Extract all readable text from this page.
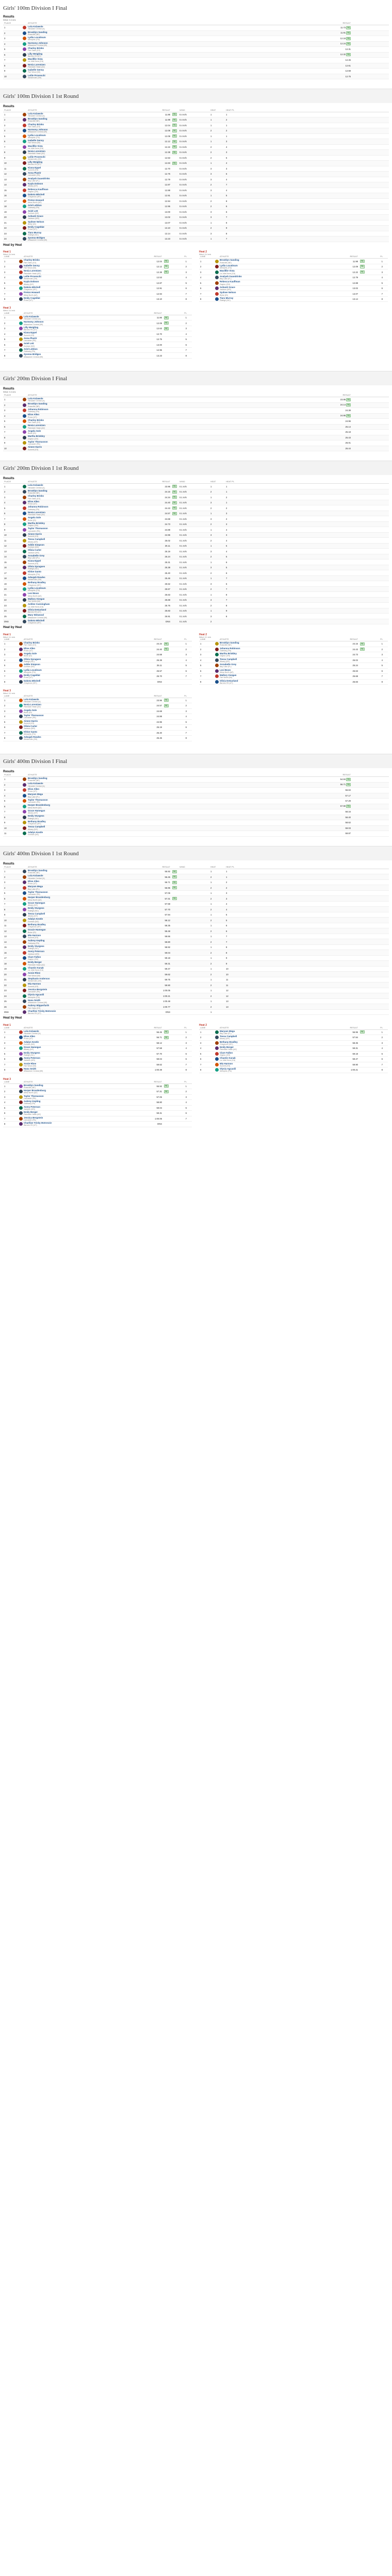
Girls' 100m Division I Final
Results
Wind: 0.4 m/s
PLACE	ATHLETE	RESULT
1	Lola Kolawole
Hinsdale Central (IL)
11.73 PB
2	Brooklyn Sanding
Rossville (NE)
11.91 PB
3	Lydia Locatinum
Memphis (TN)
12.18 PB
4	Harmony Johnson
Milwaukee Central (WI)
12.24 PB
5	Charley Brinks
Fair Oaks (CO)	12.31
6	Lilly Weigling
Barnes HS (UT)
12.32 PB
7	Mavilllie Vista
La Jolla Nova (CA)	12.45
8	Nevia Lorentzen
Palmdale Hawk (AZ)	12.61
9	Isabelle Genny
Fair Wood (MI)	12.68
10	Leilie Provenchi
Westerville (OH)	12.75
Girls' 100m Division I 1st Round
Results
PLACE	ATHLETE	RESULT	WIND	HEAT	HEAT PL
1	Lola Kolawole
Hinsdale Central (IL)	11.86	PB	0.4 m/s	1	1
2	Brooklyn Sanding
Rossville (NE)	11.98	PB	0.4 m/s	1	2
3	Charley Brinks
Fair Oaks (CO)	12.04	PB	0.4 m/s	1	1
4	Harmony Johnson
Milwaukee Central (WI)	12.08	PB	0.4 m/s	2	2
5	Lydia Locatinum
Memphis (TN)	12.09	PB	0.4 m/s	1	1
6	Isabelle Genny
Fair Wood (MI)	12.12	PB	0.4 m/s	1	3
7	Mavilllie Vista
La Jolla Nova (CA)	12.22	PB	0.4 m/s	2	4
8	Nevia Lorentzen
Palmdale Hawk (AZ)	12.38	PB	0.4 m/s	2	3
9	Leilie Provenchi
Westerville (OH)	12.53	0.4 m/s	2	5
10	Lilly Weigling
Barnes HS (UT)	12.63	PB	0.4 m/s	1	4
11	Kiana Eppel
Summit (KS)	12.70	0.4 m/s	3	3
12	Anna Plastir
Lancaster (PA)	12.75	0.4 m/s	3	6
13	Analyah Guandrinks
Bay Lake (FL)	12.79	0.4 m/s	3	4
14	Kayla Dobson
Albany (NY)	12.87	0.4 m/s	2	7
15	Rebecca Kauffman
Dayton (OH)	12.88	0.4 m/s	3	4
16	Dakota Mitchell
Cheyenne (WY)	12.91	0.4 m/s	1	5
17	Preton Howard
Mesa North (AZ)	12.94	0.4 m/s	2	8
18	Ariel Lebhon
Gateway (PA)	12.95	0.4 m/s	2	6
19	Aviel Lett
Durham (NC)	13.00	0.4 m/s	3	6
20	Ashanti Grace
Jackson (MS)	13.02	0.4 m/s	3	7
21	Sydnee Nelson
Boise (ID)	13.07	0.4 m/s	1	6
22	Emily Cogeldat
Provo (UT)	13.10	0.4 m/s	2	9
23	Tiara Murray
Raleigh (NC)	13.14	0.4 m/s	3	8
24	Zyonna Bridges
Milwaukee Central (WI)	13.23	0.4 m/s	1	7
Heat by Heat
Heat 1
Wind: 0.4 m/s
LANE	ATHLETE	RESULT	PL
1	Charley Brinks
Fair Oaks (CO)	12.04	PB	1
2	Isabelle Genny
Fair Wood (MI)	12.12	PB	2
3	Nevia Lorentzen
Palmdale Hawk (AZ)	12.38	PB	3
4	Leilie Provenchi
Westerville (OH)	12.53	4
5	Kayla Dobson
Albany (NY)	12.87	5
6	Dakota Mitchell
Cheyenne (WY)	12.91	6
7	Preton Howard
Mesa North (AZ)	12.94	7
8	Emily Cogeldat
Provo (UT)	13.10	8
Heat 2
Wind: 0.4 m/s
LANE	ATHLETE	RESULT	PL
1	Brooklyn Sanding
Rossville (NE)	11.98	PB	1
2	Lydia Locatinum
Memphis (TN)	12.09	PB	2
3	Mavilllie Vista
La Jolla Nova (CA)	12.22	PB	3
4	Analyah Guandrinks
Bay Lake (FL)	12.79	4
5	Rebecca Kauffman
Dayton (OH)	12.88	5
6	Ashanti Grace
Jackson (MS)	13.02	6
7	Sydnee Nelson
Boise (ID)	13.07	7
8	Tiara Murray
Raleigh (NC)	13.14	8
Heat 3
Wind: 0.4 m/s
LANE	ATHLETE	RESULT	PL
1	Lola Kolawole
Hinsdale Central (IL)	11.86	PB	1
2	Harmony Johnson
Milwaukee Central (WI)	12.08	PB	2
3	Lilly Weigling
Barnes HS (UT)	12.63	PB	3
4	Kiana Eppel
Summit (KS)	12.70	4
5	Anna Plastir
Lancaster (PA)	12.75	5
6	Aviel Lett
Durham (NC)	13.00	6
7	Ariel Lebhon
Gateway (PA)	12.95	7
8	Zyonna Bridges
Milwaukee Central (WI)	13.23	8
Girls' 200m Division I Final
Results
Wind: 0.4 m/s
PLACE	ATHLETE	RESULT
1	Lola Kolawole
Hinsdale Central (IL)
23.86 PB
2	Brooklyn Sanding
Rossville (NE)
24.14 PB
3	Johanna Robinson
Gateway (PA)	24.38
4	Elise Allen
Provo (UT)
24.86 PB
5	Charley Brinks
Fair Oaks (CO)	24.96
6	Nevia Lorentzen
Palmdale Hawk (AZ)	25.14
7	Angela Sole
Boise (ID)	25.18
8	Martha Brinkley
Dayton (OH)	25.43
9	Taylor Thomasson
Lancaster (PA)	26.01
10	Aimee Harris
Summit (KS)	26.44
Girls' 200m Division I 1st Round
Results
PLACE	ATHLETE	RESULT	WIND	HEAT	HEAT PL
1	Lola Kolawole
Hinsdale Central (IL)	23.96	PB	0.1 m/s	1	1
2	Brooklyn Sanding
Rossville (NE)	24.15	PB	0.1 m/s	2	1
3	Charley Brinks
Fair Oaks (CO)	24.34	PB	0.1 m/s	1	2
4	Elise Allen
Provo (UT)	24.40	PB	0.1 m/s	3	1
5	Johanna Robinson
Gateway (PA)	24.43	PB	0.1 m/s	2	2
6	Nevia Lorentzen
Palmdale Hawk (AZ)	24.57	PB	0.1 m/s	1	3
7	Angela Sole
Boise (ID)	24.68	0.1 m/s	3	2
8	Martha Brinkley
Dayton (OH)	24.73	0.1 m/s	2	3
9	Taylor Thomasson
Lancaster (PA)	24.88	0.1 m/s	1	4
10	Aimee Harris
Summit (KS)	24.96	0.1 m/s	3	3
11	Tessa Campbell
Albany (NY)	25.02	0.1 m/s	2	4
12	Addie Simpson
Durham (NC)	25.11	0.1 m/s	1	5
13	Olivia Carter
Jackson (MS)	25.19	0.1 m/s	3	4
14	Annabelle Grey
Bay Lake (FL)	25.24	0.1 m/s	2	5
15	Kiana Eppel
Summit (KS)	25.31	0.1 m/s	1	6
16	Olivia Spragues
Raleigh (NC)	25.38	0.1 m/s	3	5
17	Khloe Ganto
Memphis (TN)	25.40	0.1 m/s	2	6
18	Adeajah Rowles
Westerville (OH)	25.46	0.1 m/s	1	7
19	Bethany Bradley
Cheyenne (WY)	25.52	0.1 m/s	3	6
20	Lydia Locatinum
Memphis (TN)	25.57	0.1 m/s	2	7
21	Lexi Boon
Mesa North (AZ)	25.63	0.1 m/s	1	8
22	Mallory Keegan
Fair Wood (MI)	25.68	0.1 m/s	3	7
23	Ashlee Cunningham
La Jolla Nova (CA)	25.76	0.1 m/s	2	8
24	Olivia DeGarland
Barnes HS (UT)	25.83	0.1 m/s	1	9
25	Mary Winwood
Milwaukee Central (WI)	25.91	0.1 m/s	3	8
DNS	Dakota Mitchell
Cheyenne (WY)	DNS	0.1 m/s	2
Heat by Heat
Heat 1
Wind: 0.1 m/s
LANE	ATHLETE	RESULT	PL
1	Charley Brinks
Fair Oaks (CO)	24.34	PB	1
2	Elise Allen
Provo (UT)	24.40	PB	2
3	Angela Sole
Boise (ID)	24.68	3
4	Olivia Spragues
Raleigh (NC)	25.38	4
5	Addie Simpson
Durham (NC)	25.11	5
6	Lydia Locatinum
Memphis (TN)	25.57	6
7	Emily Cogeldat
Provo (UT)	25.70	7
8	Dakota Mitchell
Cheyenne (WY)	DNS
Heat 2
Wind: 0.1 m/s
LANE	ATHLETE	RESULT	PL
1	Brooklyn Sanding
Rossville (NE)	24.15	PB	1
2	Johanna Robinson
Gateway (PA)	24.43	PB	2
3	Martha Brinkley
Dayton (OH)	24.73	3
4	Tessa Campbell
Albany (NY)	25.02	4
5	Annabelle Grey
Bay Lake (FL)	25.24	5
6	Lexi Boon
Mesa North (AZ)	25.63	6
7	Mallory Keegan
Fair Wood (MI)	25.68	7
8	Olivia DeGarland
Barnes HS (UT)	25.83	8
Heat 3
Wind: 0.1 m/s
LANE	ATHLETE	RESULT	PL
1	Lola Kolawole
Hinsdale Central (IL)	23.96	PB	1
2	Nevia Lorentzen
Palmdale Hawk (AZ)	24.57	PB	2
3	Angela Sole
Boise (ID)	24.68	3
4	Taylor Thomasson
Lancaster (PA)	24.88	4
5	Aimee Harris
Summit (KS)	24.96	5
6	Olivia Carter
Jackson (MS)	25.19	6
7	Khloe Ganto
Memphis (TN)	25.40	7
8	Adeajah Rowles
Westerville (OH)	25.46	8
Girls' 400m Division I Final
Results
PLACE	ATHLETE	RESULT
1	Brooklyn Sanding
Rossville (NE)
54.84 PB
2	Lola Kolawole
Hinsdale Central (IL)
56.71 PB
3	Elise Allen
Provo (UT)	56.84
4	Maryam Mega
Bay Lake (FL)	57.17
5	Taylor Thomasson
Lancaster (PA)	57.29
6	Harper Brandenburg
Mesa North (AZ)
57.90 PB
7	Grace Hamegan
Albany (NY)	58.16
8	Emily Sturgess
Raleigh (NC)	58.40
9	Bethany Bradley
Cheyenne (WY)	58.62
10	Tessa Campbell
Albany (NY)	59.03
11	Adalyn Kestle
Durham (NC)	59.87
Girls' 400m Division I 1st Round
Results
PLACE	ATHLETE	RESULT	WIND	HEAT	HEAT PL
1	Brooklyn Sanding
Rossville (NE)	55.92	PB	1	1
2	Lola Kolawole
Hinsdale Central (IL)	56.45	PB	2	1
3	Elise Allen
Provo (UT)	56.71	PB	1	2
4	Maryam Mega
Bay Lake (FL)	56.95	PB	2	2
5	Taylor Thomasson
Lancaster (PA)	57.06	1	3
6	Harper Brandenburg
Mesa North (AZ)	57.31	PB	2	3
7	Grace Hamegan
Albany (NY)	57.58	1	4
8	Emily Sturgess
Raleigh (NC)	57.70	2	4
9	Tessa Campbell
Albany (NY)	57.94	1	5
10	Adalyn Kestle
Durham (NC)	58.12	2	5
11	Bethany Bradley
Cheyenne (WY)	58.35	1	6
12	Gracie Hamegan
Boise (ID)	58.48	2	6
13	Mia Harmon
Summit (KS)	58.66	1	7
14	Aubrey Kepling
Gateway (PA)	58.80	2	7
15	Emily Sturgess
Raleigh (NC)	58.92	1	8
16	Avery Peterson
Jackson (MS)	59.04	2	8
17	Clare Fallon
Dayton (OH)	59.18	1	9
18	Emily Berger
Palmdale Hawk (AZ)	59.31	2	9
19	Chastin Kunak
La Jolla Nova (CA)	59.47	1	10
20	Annie Rhee
Fair Wood (MI)	59.62	2	10
21	Stephanie Anderson
Westerville (OH)	59.75	1	11
22	Mia Harmon
Summit (KS)	59.90	2	11
23	Jessica Bergstein
Lancaster (PA)	1:00.05	1	12
24	Olyvia Agcaoili
Memphis (TN)	1:00.21	2	12
25	Hana Smith
Milwaukee Central (WI)	1:00.48	1	13
26	Aubrey Wipperfurth
Fair Oaks (CO)	1:00.77	2	13
DNS	Charllize Trinity McKenzie
Barnes HS (UT)	DNS	1
Heat by Heat
Heat 1
LANE	ATHLETE	RESULT	PL
1	Lola Kolawole
Hinsdale Central (IL)	56.45	PB	1
2	Elise Allen
Provo (UT)	56.71	PB	2
3	Adalyn Kestle
Durham (NC)	58.12	3
4	Grace Hamegan
Albany (NY)	57.58	4
5	Emily Sturgess
Raleigh (NC)	57.70	5
6	Avery Peterson
Jackson (MS)	59.04	6
7	Annie Rhee
Fair Wood (MI)	59.62	7
8	Hana Smith
Milwaukee Central (WI)	1:00.48	8
Heat 2
LANE	ATHLETE	RESULT	PL
1	Maryam Mega
Bay Lake (FL)	56.95	PB	1
2	Tessa Campbell
Albany (NY)	57.94	2
3	Bethany Bradley
Cheyenne (WY)	58.35	3
4	Emily Berger
Palmdale Hawk (AZ)	59.31	4
5	Clare Fallon
Dayton (OH)	59.18	5
6	Chastin Kunak
La Jolla Nova (CA)	59.47	6
7	Mia Harmon
Summit (KS)	59.90	7
8	Olyvia Agcaoili
Memphis (TN)	1:00.21	8
Heat 3
LANE	ATHLETE	RESULT	PL
1	Brooklyn Sanding
Rossville (NE)	55.92	PB	1
2	Harper Brandenburg
Mesa North (AZ)	57.31	PB	2
3	Taylor Thomasson
Lancaster (PA)	57.06	3
4	Aubrey Kepling
Gateway (PA)	58.80	4
5	Avery Peterson
Jackson (MS)	59.04	5
6	Emily Berger
Palmdale Hawk (AZ)	59.31	6
7	Jessica Bergstein
Lancaster (PA)	1:00.05	7
8	Charllize Trinity McKenzie
Barnes HS (UT)	DNS
